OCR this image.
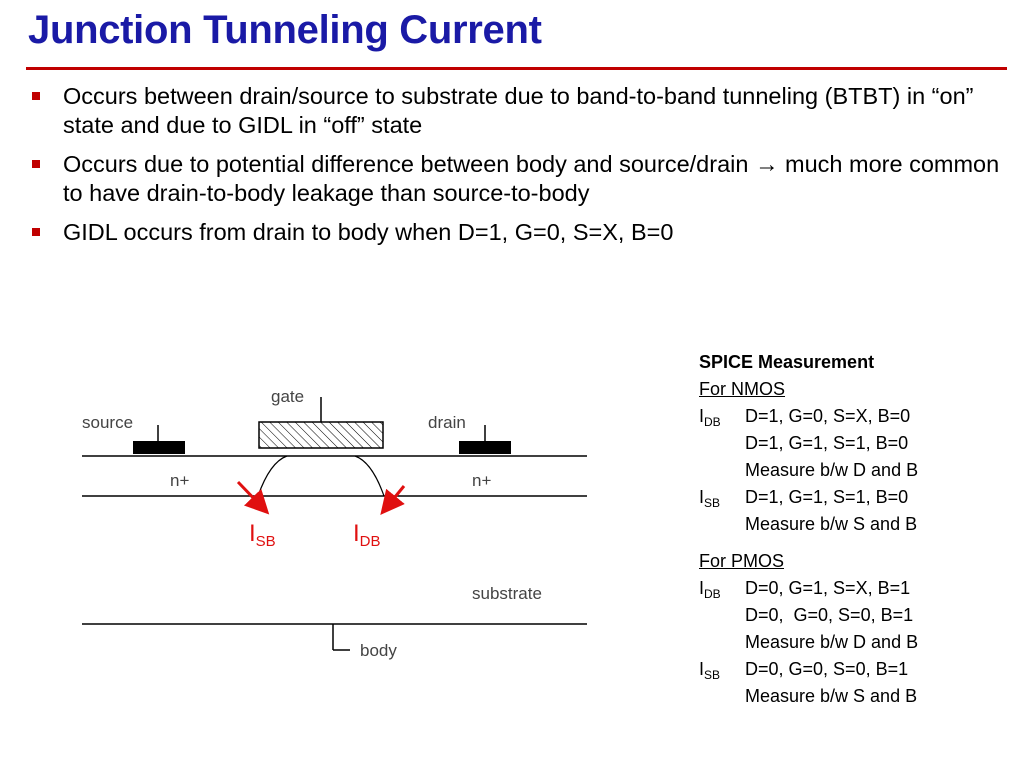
Junction Tunneling Current
Occurs between drain/source to substrate due to band-to-band tunneling (BTBT) in “on” state and due to GIDL in “off” state
Occurs due to potential difference between body and source/drain → much more common to have drain-to-body leakage than source-to-body
GIDL occurs from drain to body when D=1, G=0, S=X, B=0
gate
source	drain
n+	n+
substrate
body
$I_{SB}$	$I_{DB}$
SPICE Measurement
For NMOS
$I_{DB}$ D=1, G=0, S=X, B=0
D=1, G=1, S=1, B=0
Measure b/w D and B
$I_{SB}$ D=1, G=1, S=1, B=0
Measure b/w S and B
For PMOS
$I_{DB}$ D=0, G=1, S=X, B=1
D=0,  G=0, S=0, B=1
Measure b/w D and B
$I_{SB}$ D=0, G=0, S=0, B=1
Measure b/w S and B
